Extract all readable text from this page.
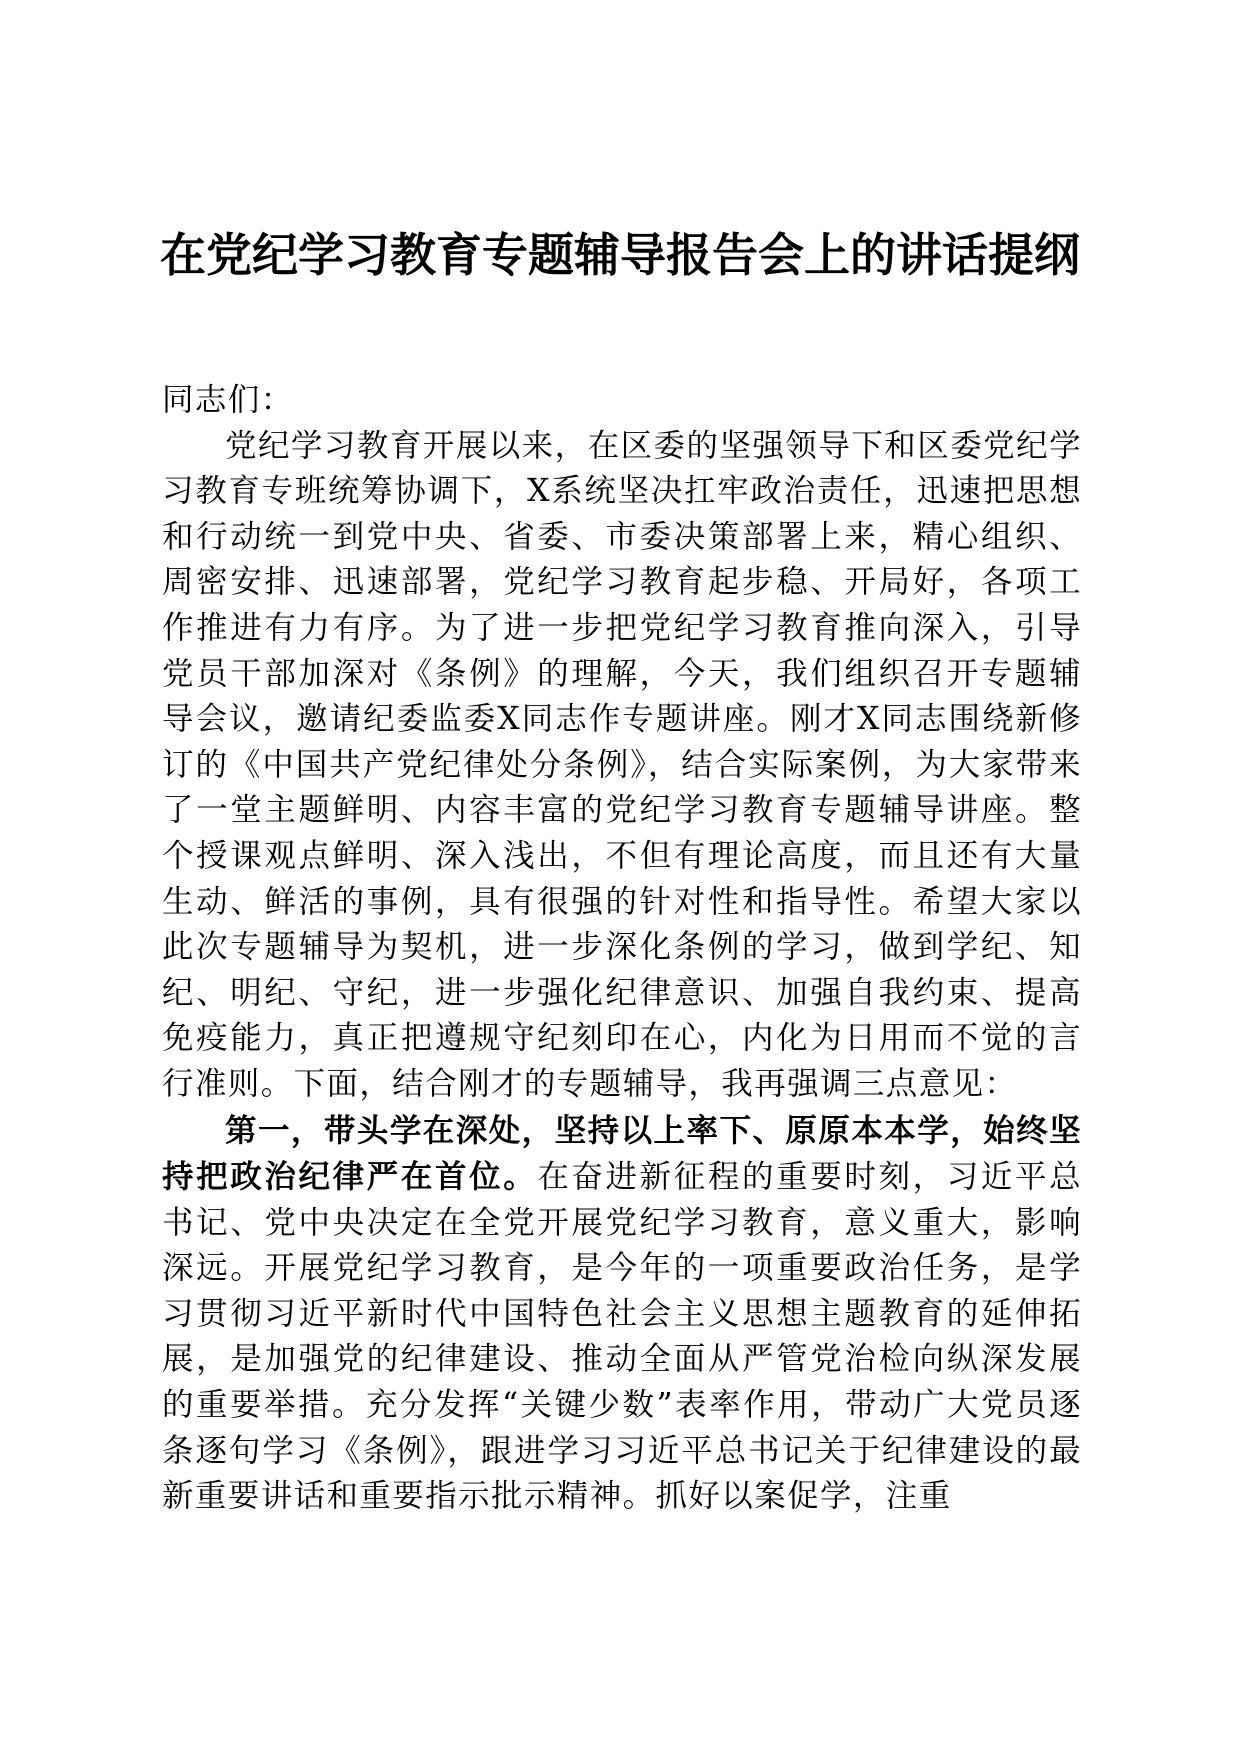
在党纪学习教育专题辅导报告会上的讲话提纲

同志们：

党纪学习教育开展以来，在区委的坚强领导下和区委党纪学习教育专班统筹协调下，X系统坚决扛牢政治责任，迅速把思想和行动统一到党中央、省委、市委决策部署上来，精心组织、周密安排、迅速部署，党纪学习教育起步稳、开局好，各项工作推进有力有序。为了进一步把党纪学习教育推向深入，引导党员干部加深对《条例》的理解，今天，我们组织召开专题辅导会议，邀请纪委监委X同志作专题讲座。刚才X同志围绕新修订的《中国共产党纪律处分条例》，结合实际案例，为大家带来了一堂主题鲜明、内容丰富的党纪学习教育专题辅导讲座。整个授课观点鲜明、深入浅出，不但有理论高度，而且还有大量生动、鲜活的事例，具有很强的针对性和指导性。希望大家以此次专题辅导为契机，进一步深化条例的学习，做到学纪、知纪、明纪、守纪，进一步强化纪律意识、加强自我约束、提高免疫能力，真正把遵规守纪刻印在心，内化为日用而不觉的言行准则。下面，结合刚才的专题辅导，我再强调三点意见：

第一，带头学在深处，坚持以上率下、原原本本学，始终坚持把政治纪律严在首位。在奋进新征程的重要时刻，习近平总书记、党中央决定在全党开展党纪学习教育，意义重大，影响深远。开展党纪学习教育，是今年的一项重要政治任务，是学习贯彻习近平新时代中国特色社会主义思想主题教育的延伸拓展，是加强党的纪律建设、推动全面从严管党治检向纵深发展的重要举措。充分发挥“关键少数”表率作用，带动广大党员逐条逐句学习《条例》，跟进学习习近平总书记关于纪律建设的最新重要讲话和重要指示批示精神。抓好以案促学，注重
